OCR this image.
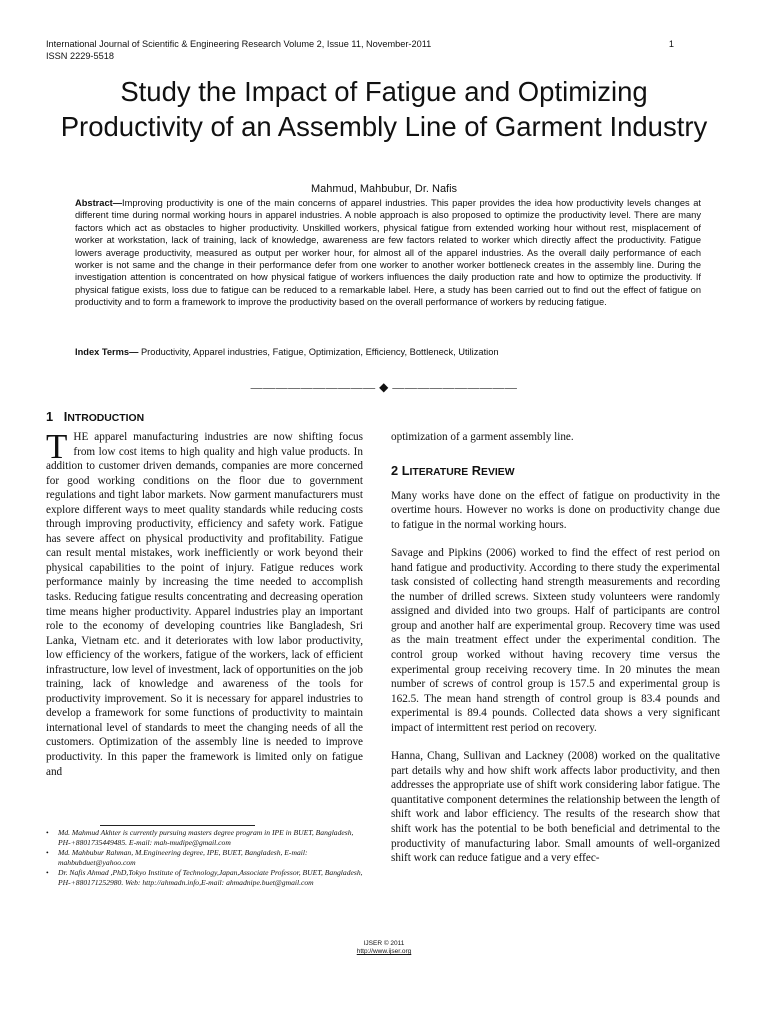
International Journal of Scientific & Engineering Research Volume 2, Issue 11, November-2011	1
ISSN 2229-5518
Study the Impact of Fatigue and Optimizing Productivity of an Assembly Line of Garment Industry
Mahmud, Mahbubur, Dr. Nafis
Abstract—Improving productivity is one of the main concerns of apparel industries. This paper provides the idea how productivity levels changes at different time during normal working hours in apparel industries. A noble approach is also proposed to optimize the productivity level. There are many factors which act as obstacles to higher productivity. Unskilled workers, physical fatigue from extended working hour without rest, misplacement of worker at workstation, lack of training, lack of knowledge, awareness are few factors related to worker which directly affect the productivity. Fatigue lowers average productivity, measured as output per worker hour, for almost all of the apparel industries. As the overall daily performance of each worker is not same and the change in their performance defer from one worker to another worker bottleneck creates in the assembly line. During the investigation attention is concentrated on how physical fatigue of workers influences the daily production rate and how to optimize the productivity. If physical fatigue exists, loss due to fatigue can be reduced to a remarkable label. Here, a study has been carried out to find out the effect of fatigue on productivity and to form a framework to improve the productivity based on the overall performance of workers by reducing fatigue.
Index Terms— Productivity, Apparel industries, Fatigue, Optimization, Efficiency, Bottleneck, Utilization
—————————— ◆ ——————————
1 INTRODUCTION

THE apparel manufacturing industries are now shifting focus from low cost items to high quality and high value products. In addition to customer driven demands, companies are more concerned for good working conditions on the floor due to government regulations and tight labor markets. Now garment manufacturers must explore different ways to meet quality standards while reducing costs through improving productivity, efficiency and safety work. Fatigue has severe affect on physical productivity and profitability. Fatigue can result mental mistakes, work inefficiently or work beyond their physical capabilities to the point of injury. Fatigue reduces work performance mainly by increasing the time needed to accomplish tasks. Reducing fatigue results concentrating and decreasing operation time means higher productivity. Apparel industries play an important role to the economy of developing countries like Bangladesh, Sri Lanka, Vietnam etc. and it deteriorates with low labor productivity, low efficiency of the workers, fatigue of the workers, lack of efficient infrastructure, low level of investment, lack of opportunities on the job training, lack of knowledge and awareness of the tools for productivity improvement. So it is necessary for apparel industries to develop a framework for some functions of productivity to maintain international level of standards to meet the changing needs of all the customers. Optimization of the assembly line is needed to improve productivity. In this paper the framework is limited only on fatigue and

optimization of a garment assembly line.

Many works have done on the effect of fatigue on productivity in the overtime hours. However no works is done on productivity change due to fatigue in the normal working hours.

Savage and Pipkins (2006) worked to find the effect of rest period on hand fatigue and productivity. According to there study the experimental task consisted of collecting hand strength measurements and recording the number of drilled screws. Sixteen study volunteers were randomly assigned and divided into two groups. Half of participants are control group and another half are experimental group. Recovery time was used as the main treatment effect under the experimental condition. The control group worked without having recovery time versus the experimental group receiving recovery time. In 20 minutes the mean number of screws of control group is 157.5 and experimental group is 162.5. The mean hand strength of control group is 83.4 pounds and experimental is 89.4 pounds. Collected data shows a very significant impact of intermittent rest period on recovery.

Hanna, Chang, Sullivan and Lackney (2008) worked on the qualitative part details why and how shift work affects labor productivity, and then addresses the appropriate use of shift work considering labor fatigue. The quantitative component determines the relationship between the length of shift work and labor efficiency. The results of the research show that shift work has the potential to be both beneficial and detrimental to the productivity of manufacturing labor. Small amounts of well-organized shift work can reduce fatigue and a very effec-

2 LITERATURE REVIEW
• Md. Mahmud Akhter is currently pursuing masters degree program in IPE in BUET, Bangladesh, PH-+8801735449485. E-mail: mah-mudipe@gmail.com
• Md. Mahbubur Rahman, M.Engineering degree, IPE, BUET, Bangladesh, E-mail: mahbubduet@yahoo.com
• Dr. Nafis Ahmad ,PhD,Tokyo Institute of Technology,Japan,Associate Professor, BUET, Bangladesh, PH-+880171252980. Web: http://ahmadn.info,E-mail: ahmadnipe.buet@gmail.com
IJSER © 2011
http://www.ijser.org
